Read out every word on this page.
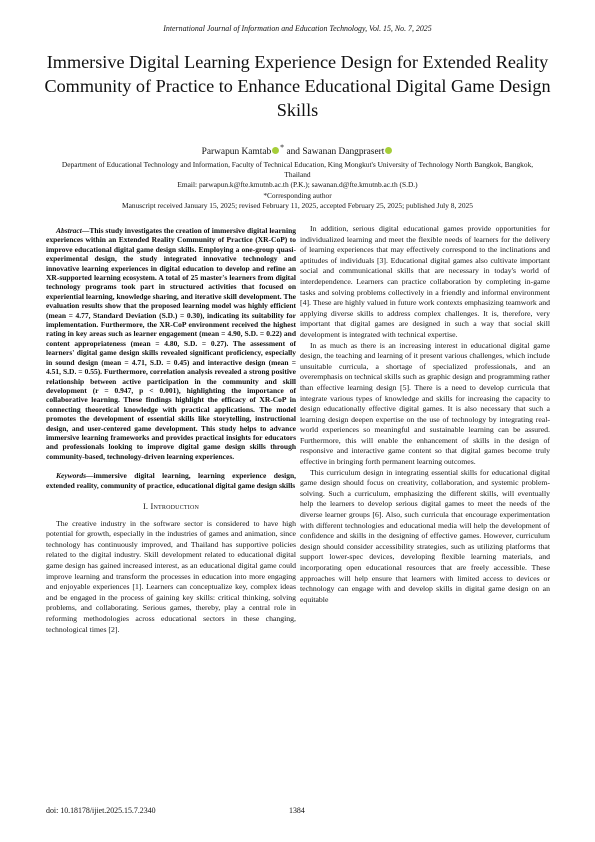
International Journal of Information and Education Technology, Vol. 15, No. 7, 2025
Immersive Digital Learning Experience Design for Extended Reality Community of Practice to Enhance Educational Digital Game Design Skills
Parwapun Kamtab * and Sawanan Dangprasert
Department of Educational Technology and Information, Faculty of Technical Education, King Mongkut's University of Technology North Bangkok, Bangkok, Thailand
Email: parwapun.k@fte.kmutnb.ac.th (P.K.); sawanan.d@fte.kmutnb.ac.th (S.D.)
*Corresponding author
Manuscript received January 15, 2025; revised February 11, 2025, accepted February 25, 2025; published July 8, 2025

Abstract—This study investigates the creation of immersive digital learning experiences within an Extended Reality Community of Practice (XR-CoP) to improve educational digital game design skills. Employing a one-group quasi-experimental design, the study integrated innovative technology and innovative learning experiences in digital education to develop and refine an XR-supported learning ecosystem. A total of 25 master's learners from digital technology programs took part in structured activities that focused on experiential learning, knowledge sharing, and iterative skill development. The evaluation results show that the proposed learning model was highly efficient (mean = 4.77, Standard Deviation (S.D.) = 0.30), indicating its suitability for implementation. Furthermore, the XR-CoP environment received the highest rating in key areas such as learner engagement (mean = 4.90, S.D. = 0.22) and content appropriateness (mean = 4.80, S.D. = 0.27). The assessment of learners' digital game design skills revealed significant proficiency, especially in sound design (mean = 4.71, S.D. = 0.45) and interactive design (mean = 4.51, S.D. = 0.55). Furthermore, correlation analysis revealed a strong positive relationship between active participation in the community and skill development (r = 0.947, p < 0.001), highlighting the importance of collaborative learning. These findings highlight the efficacy of XR-CoP in connecting theoretical knowledge with practical applications. The model promotes the development of essential skills like storytelling, instructional design, and user-centered game development. This study helps to advance immersive learning frameworks and provides practical insights for educators and professionals looking to improve digital game design skills through community-based, technology-driven learning experiences.

Keywords—immersive digital learning, learning experience design, extended reality, community of practice, educational digital game design skills

I. Introduction

The creative industry in the software sector is considered to have high potential for growth, especially in the industries of games and animation, since technology has continuously improved, and Thailand has supportive policies related to the digital industry. Skill development related to educational digital game design has gained increased interest, as an educational digital game could improve learning and transform the processes in education into more engaging and enjoyable experiences [1]. Learners can conceptualize key, complex ideas and be engaged in the process of gaining key skills: critical thinking, solving problems, and collaborating. Serious games, thereby, play a central role in reforming methodologies across educational sectors in these changing, technological times [2].

In addition, serious digital educational games provide opportunities for individualized learning and meet the flexible needs of learners for the delivery of learning experiences that may effectively correspond to the inclinations and aptitudes of individuals [3]. Educational digital games also cultivate important social and communicational skills that are necessary in today's world of interdependence. Learners can practice collaboration by completing in-game tasks and solving problems collectively in a friendly and informal environment [4]. These are highly valued in future work contexts emphasizing teamwork and applying diverse skills to address complex challenges. It is, therefore, very important that digital games are designed in such a way that social skill development is integrated with technical expertise.

In as much as there is an increasing interest in educational digital game design, the teaching and learning of it present various challenges, which include unsuitable curricula, a shortage of specialized professionals, and an overemphasis on technical skills such as graphic design and programming rather than effective learning design [5]. There is a need to develop curricula that integrate various types of knowledge and skills for increasing the capacity to design educationally effective digital games. It is also necessary that such a learning design deepen expertise on the use of technology by integrating real-world experiences so meaningful and sustainable learning can be assured. Furthermore, this will enable the enhancement of skills in the design of responsive and interactive game content so that digital games become truly effective in bringing forth permanent learning outcomes.

This curriculum design in integrating essential skills for educational digital game design should focus on creativity, collaboration, and systemic problem-solving. Such a curriculum, emphasizing the different skills, will eventually help the learners to develop serious digital games to meet the needs of the diverse learner groups [6]. Also, such curricula that encourage experimentation with different technologies and educational media will help the development of confidence and skills in the designing of effective games. However, curriculum design should consider accessibility strategies, such as utilizing platforms that support lower-spec devices, developing flexible learning materials, and incorporating open educational resources that are freely accessible. These approaches will help ensure that learners with limited access to devices or technology can engage with and develop skills in digital game design on an equitable

doi: 10.18178/ijiet.2025.15.7.2340	1384
